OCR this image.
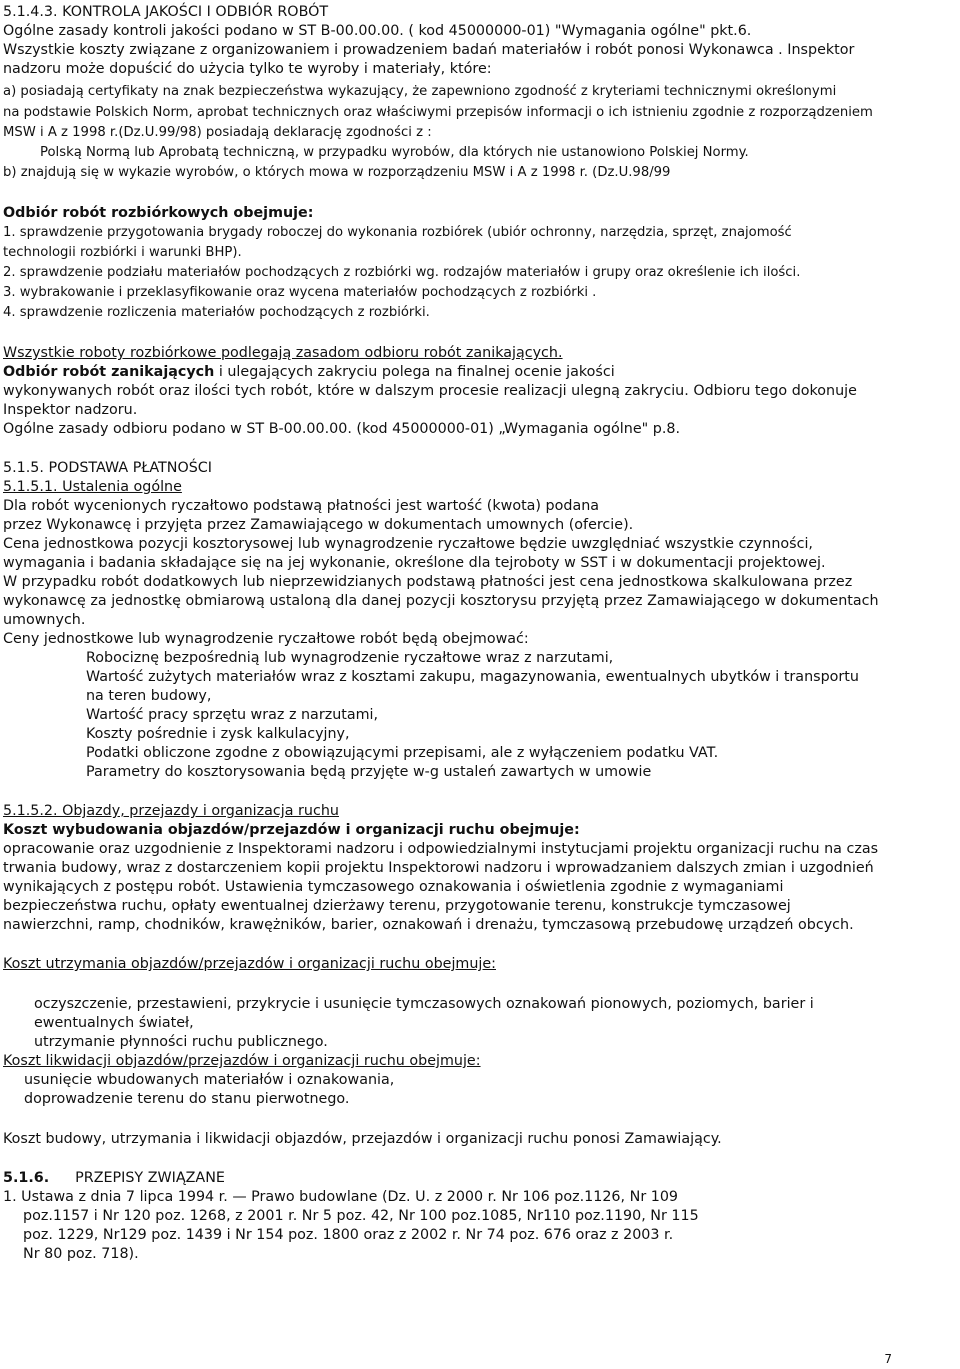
5.1.4.3. KONTROLA JAKOŚCI I ODBIÓR ROBÓT
Ogólne zasady kontroli jakości podano w ST B-00.00.00. ( kod 45000000-01) "Wymagania ogólne" pkt.6.
Wszystkie koszty związane z organizowaniem i prowadzeniem badań materiałów i robót ponosi Wykonawca . Inspektor
nadzoru może dopuścić do użycia tylko te wyroby i materiały, które:
a) posiadają certyfikaty na znak bezpieczeństwa wykazujący, że zapewniono zgodność z kryteriami technicznymi określonymi
na podstawie Polskich Norm, aprobat technicznych oraz właściwymi przepisów informacji o ich istnieniu zgodnie z rozporządzeniem
MSW i A z 1998 r.(Dz.U.99/98) posiadają deklarację zgodności z :
Polską Normą lub Aprobatą techniczną, w przypadku wyrobów, dla których nie ustanowiono Polskiej Normy.
b) znajdują się w wykazie wyrobów, o których mowa w rozporządzeniu MSW i A z 1998 r. (Dz.U.98/99
Odbiór robót rozbiórkowych obejmuje:
1. sprawdzenie przygotowania brygady roboczej do wykonania rozbiórek (ubiór ochronny, narzędzia, sprzęt, znajomość
technologii rozbiórki i warunki BHP).
2. sprawdzenie podziału materiałów pochodzących z rozbiórki wg. rodzajów materiałów i grupy oraz określenie ich ilości.
3. wybrakowanie i przeklasyfikowanie oraz wycena materiałów pochodzących z rozbiórki .
4. sprawdzenie rozliczenia materiałów pochodzących z rozbiórki.
Wszystkie roboty rozbiórkowe podlegają zasadom odbioru robót zanikających.
Odbiór robót zanikających i ulegających zakryciu polega na finalnej ocenie jakości
wykonywanych robót oraz ilości tych robót, które w dalszym procesie realizacji ulegną zakryciu. Odbioru tego dokonuje
Inspektor nadzoru.
Ogólne zasady odbioru podano w ST B-00.00.00. (kod 45000000-01) „Wymagania ogólne" p.8.
5.1.5. PODSTAWA PŁATNOŚCI
5.1.5.1. Ustalenia ogólne
Dla robót wycenionych ryczałtowo podstawą płatności jest wartość (kwota) podana
przez Wykonawcę i przyjęta przez Zamawiającego w dokumentach umownych (ofercie).
Cena jednostkowa pozycji kosztorysowej lub wynagrodzenie ryczałtowe będzie uwzględniać wszystkie czynności,
wymagania i badania składające się na jej wykonanie, określone dla tejroboty w SST i w dokumentacji projektowej.
W przypadku robót dodatkowych lub nieprzewidzianych podstawą płatności jest cena jednostkowa skalkulowana przez
wykonawcę za jednostkę obmiarową ustaloną dla danej pozycji kosztorysu przyjętą przez Zamawiającego w dokumentach
umownych.
Ceny jednostkowe lub wynagrodzenie ryczałtowe robót będą obejmować:
Robociznę bezpośrednią lub wynagrodzenie ryczałtowe wraz z narzutami,
Wartość zużytych materiałów wraz z kosztami zakupu, magazynowania, ewentualnych ubytków i transportu
na teren budowy,
Wartość pracy sprzętu wraz z narzutami,
Koszty pośrednie i zysk kalkulacyjny,
Podatki obliczone zgodne z obowiązującymi przepisami, ale z wyłączeniem podatku VAT.
Parametry do kosztorysowania będą przyjęte w-g ustaleń zawartych w umowie
5.1.5.2. Objazdy, przejazdy i organizacja ruchu
Koszt wybudowania objazdów/przejazdów i organizacji ruchu obejmuje:
opracowanie oraz uzgodnienie z Inspektorami nadzoru i odpowiedzialnymi instytucjami projektu organizacji ruchu na czas
trwania budowy, wraz z dostarczeniem kopii projektu Inspektorowi nadzoru i wprowadzaniem dalszych zmian i uzgodnień
wynikających z postępu robót. Ustawienia tymczasowego oznakowania i oświetlenia zgodnie z wymaganiami
bezpieczeństwa ruchu, opłaty ewentualnej dzierżawy terenu, przygotowanie terenu, konstrukcje tymczasowej
nawierzchni, ramp, chodników, krawężników, barier, oznakowań i drenażu, tymczasową przebudowę urządzeń obcych.
Koszt utrzymania objazdów/przejazdów i organizacji ruchu obejmuje:
oczyszczenie, przestawieni, przykrycie i usunięcie tymczasowych oznakowań pionowych, poziomych, barier i
ewentualnych świateł,
utrzymanie płynności ruchu publicznego.
Koszt likwidacji objazdów/przejazdów i organizacji ruchu obejmuje:
usunięcie wbudowanych materiałów i oznakowania,
doprowadzenie terenu do stanu pierwotnego.
Koszt budowy, utrzymania i likwidacji objazdów, przejazdów i organizacji ruchu ponosi Zamawiający.
5.1.6. PRZEPISY ZWIĄZANE
1. Ustawa z dnia 7 lipca 1994 r. — Prawo budowlane (Dz. U. z 2000 r. Nr 106 poz.1126, Nr 109
poz.1157 i Nr 120 poz. 1268, z 2001 r. Nr 5 poz. 42, Nr 100 poz.1085, Nr110 poz.1190, Nr 115
poz. 1229, Nr129 poz. 1439 i Nr 154 poz. 1800 oraz z 2002 r. Nr 74 poz. 676 oraz z 2003 r.
Nr 80 poz. 718).
7
